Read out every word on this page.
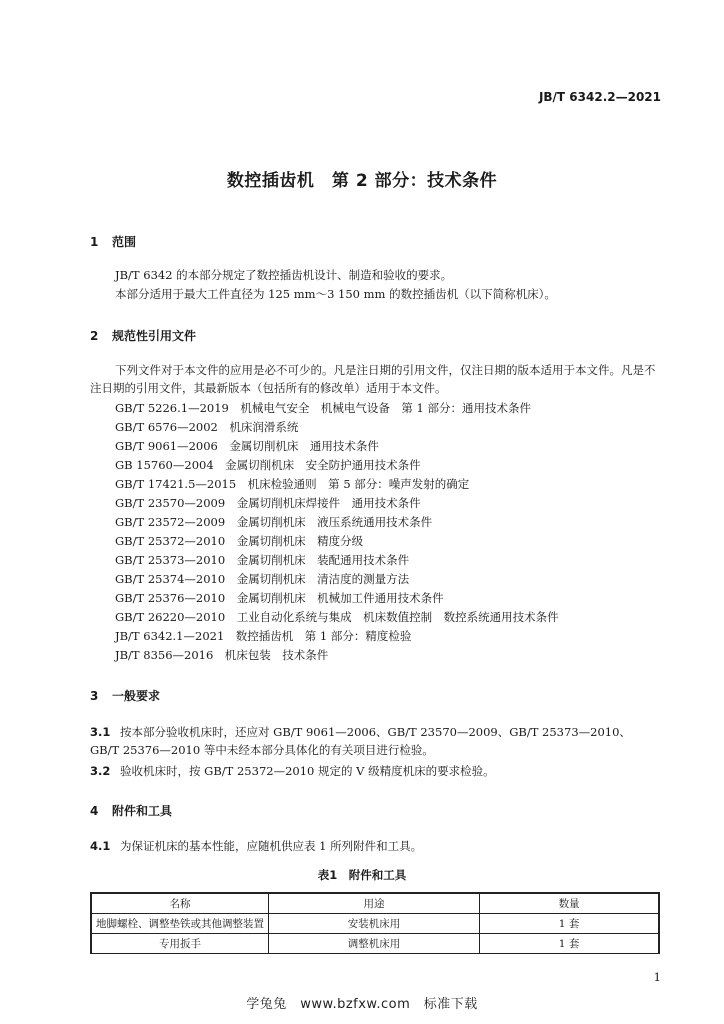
JB/T 6342.2—2021
数控插齿机　第 2 部分：技术条件
1 范围
JB/T 6342 的本部分规定了数控插齿机设计、制造和验收的要求。
本部分适用于最大工件直径为 125 mm～3 150 mm 的数控插齿机（以下简称机床）。
2 规范性引用文件
下列文件对于本文件的应用是必不可少的。凡是注日期的引用文件，仅注日期的版本适用于本文件。凡是不注日期的引用文件，其最新版本（包括所有的修改单）适用于本文件。
GB/T 5226.1—2019　机械电气安全　机械电气设备　第 1 部分：通用技术条件
GB/T 6576—2002　机床润滑系统
GB/T 9061—2006　金属切削机床　通用技术条件
GB 15760—2004　金属切削机床　安全防护通用技术条件
GB/T 17421.5—2015　机床检验通则　第 5 部分：噪声发射的确定
GB/T 23570—2009　金属切削机床焊接件　通用技术条件
GB/T 23572—2009　金属切削机床　液压系统通用技术条件
GB/T 25372—2010　金属切削机床　精度分级
GB/T 25373—2010　金属切削机床　装配通用技术条件
GB/T 25374—2010　金属切削机床　清洁度的测量方法
GB/T 25376—2010　金属切削机床　机械加工件通用技术条件
GB/T 26220—2010　工业自动化系统与集成　机床数值控制　数控系统通用技术条件
JB/T 6342.1—2021　数控插齿机　第 1 部分：精度检验
JB/T 8356—2016　机床包装　技术条件
3 一般要求
3.1 按本部分验收机床时，还应对 GB/T 9061—2006、GB/T 23570—2009、GB/T 25373—2010、GB/T 25376—2010 等中未经本部分具体化的有关项目进行检验。
3.2 验收机床时，按 GB/T 25372—2010 规定的 V 级精度机床的要求检验。
4 附件和工具
4.1 为保证机床的基本性能，应随机供应表 1 所列附件和工具。
表1　附件和工具
名称	用途	数量
地脚螺栓、调整垫铁或其他调整装置	安装机床用	1 套
专用扳手	调整机床用	1 套
1
学兔兔　www.bzfxw.com　标准下载
